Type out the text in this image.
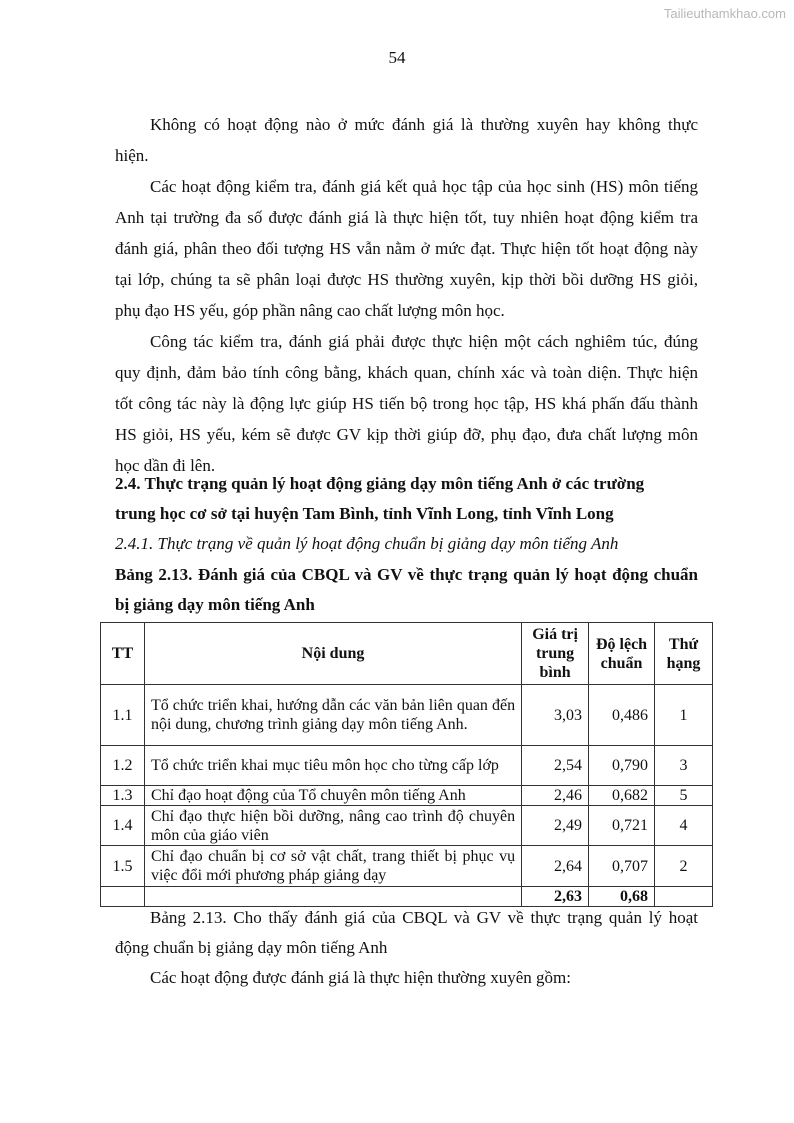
Tailieuthamkhao.com
54
Không có hoạt động nào ở mức đánh giá là thường xuyên hay không thực
hiện.
Các hoạt động kiểm tra, đánh giá kết quả học tập của học sinh (HS) môn tiếng
Anh tại trường đa số được đánh giá là thực hiện tốt, tuy nhiên hoạt động kiểm tra
đánh giá, phân theo đối tượng HS vẫn nằm ở mức đạt. Thực hiện tốt hoạt động này
tại lớp, chúng ta sẽ phân loại được HS thường xuyên, kịp thời bồi dưỡng HS giỏi,
phụ đạo HS yếu, góp phần nâng cao chất lượng môn học.
Công tác kiểm tra, đánh giá phải được thực hiện một cách nghiêm túc, đúng
quy định, đảm bảo tính công bằng, khách quan, chính xác và toàn diện. Thực hiện
tốt công tác này là động lực giúp HS tiến bộ trong học tập, HS khá phấn đấu thành
HS giỏi, HS yếu, kém sẽ được GV kịp thời giúp đỡ, phụ đạo, đưa chất lượng môn
học dần đi lên.
2.4. Thực trạng quản lý hoạt động giảng dạy môn tiếng Anh ở các trường
trung học cơ sở tại huyện Tam Bình, tỉnh Vĩnh Long, tỉnh Vĩnh Long
2.4.1. Thực trạng về quản lý hoạt động chuẩn bị giảng dạy môn tiếng Anh
Bảng 2.13. Đánh giá của CBQL và GV về thực trạng quản lý hoạt động chuẩn
bị giảng dạy môn tiếng Anh
TT	Nội dung	Giá trị trung bình	Độ lệch chuẩn	Thứ hạng
1.1	Tổ chức triển khai, hướng dẫn các văn bản liên quan đến nội dung, chương trình giảng dạy môn tiếng Anh.	3,03	0,486	1
1.2	Tổ chức triển khai mục tiêu môn học cho từng cấp lớp	2,54	0,790	3
1.3	Chỉ đạo hoạt động của Tổ chuyên môn tiếng Anh	2,46	0,682	5
1.4	Chỉ đạo thực hiện bồi dưỡng, nâng cao trình độ chuyên môn của giáo viên	2,49	0,721	4
1.5	Chỉ đạo chuẩn bị cơ sở vật chất, trang thiết bị phục vụ việc đổi mới phương pháp giảng dạy	2,64	0,707	2
		2,63	0,68	
Bảng 2.13. Cho thấy đánh giá của CBQL và GV về thực trạng quản lý hoạt
động chuẩn bị giảng dạy môn tiếng Anh
Các hoạt động được đánh giá là thực hiện thường xuyên gồm:
